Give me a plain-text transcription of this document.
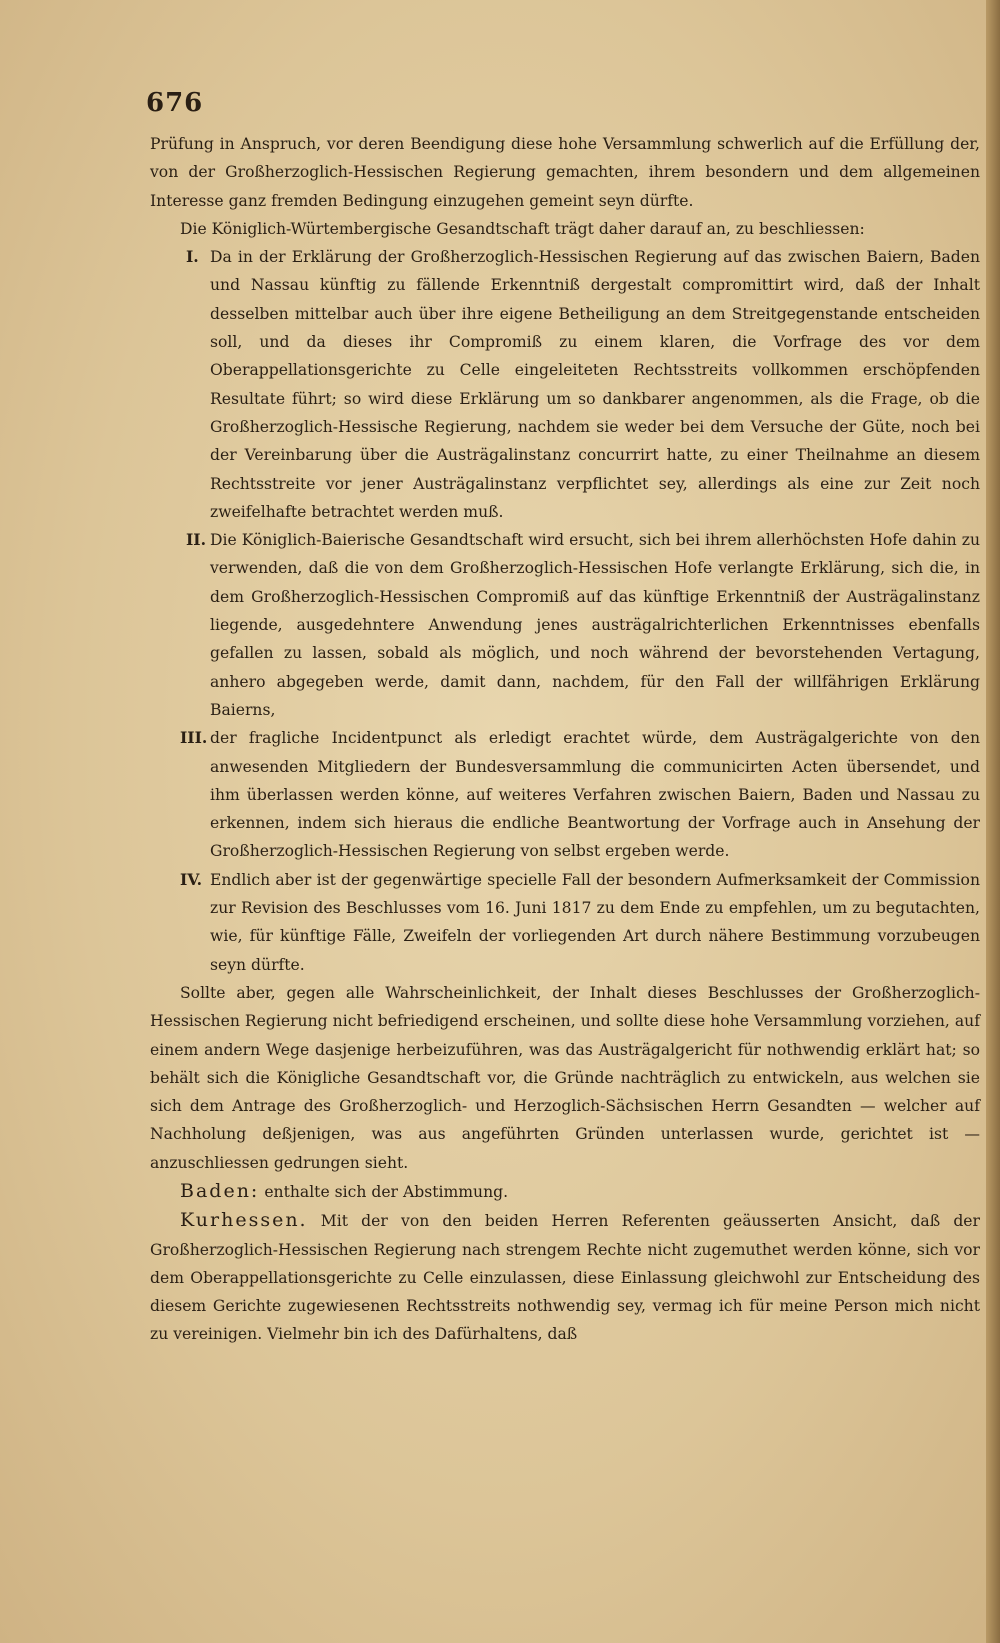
676

Prüfung in Anspruch, vor deren Beendigung diese hohe Versammlung schwerlich auf die Erfüllung der, von der Großherzoglich-Hessischen Regierung gemachten, ihrem besondern und dem allgemeinen Interesse ganz fremden Bedingung einzugehen gemeint seyn dürfte.

Die Königlich-Würtembergische Gesandtschaft trägt daher darauf an, zu beschliessen:

I. Da in der Erklärung der Großherzoglich-Hessischen Regierung auf das zwischen Baiern, Baden und Nassau künftig zu fällende Erkenntniß dergestalt compromittirt wird, daß der Inhalt desselben mittelbar auch über ihre eigene Betheiligung an dem Streitgegenstande entscheiden soll, und da dieses ihr Compromiß zu einem klaren, die Vorfrage des vor dem Oberappellationsgerichte zu Celle eingeleiteten Rechtsstreits vollkommen erschöpfenden Resultate führt; so wird diese Erklärung um so dankbarer angenommen, als die Frage, ob die Großherzoglich-Hessische Regierung, nachdem sie weder bei dem Versuche der Güte, noch bei der Vereinbarung über die Austrägalinstanz concurrirt hatte, zu einer Theilnahme an diesem Rechtsstreite vor jener Austrägalinstanz verpflichtet sey, allerdings als eine zur Zeit noch zweifelhafte betrachtet werden muß.
II. Die Königlich-Baierische Gesandtschaft wird ersucht, sich bei ihrem allerhöchsten Hofe dahin zu verwenden, daß die von dem Großherzoglich-Hessischen Hofe verlangte Erklärung, sich die, in dem Großherzoglich-Hessischen Compromiß auf das künftige Erkenntniß der Austrägalinstanz liegende, ausgedehntere Anwendung jenes austrägalrichterlichen Erkenntnisses ebenfalls gefallen zu lassen, sobald als möglich, und noch während der bevorstehenden Vertagung, anhero abgegeben werde, damit dann, nachdem, für den Fall der willfährigen Erklärung Baierns,
III. der fragliche Incidentpunct als erledigt erachtet würde, dem Austrägalgerichte von den anwesenden Mitgliedern der Bundesversammlung die communicirten Acten übersendet, und ihm überlassen werden könne, auf weiteres Verfahren zwischen Baiern, Baden und Nassau zu erkennen, indem sich hieraus die endliche Beantwortung der Vorfrage auch in Ansehung der Großherzoglich-Hessischen Regierung von selbst ergeben werde.
IV. Endlich aber ist der gegenwärtige specielle Fall der besondern Aufmerksamkeit der Commission zur Revision des Beschlusses vom 16. Juni 1817 zu dem Ende zu empfehlen, um zu begutachten, wie, für künftige Fälle, Zweifeln der vorliegenden Art durch nähere Bestimmung vorzubeugen seyn dürfte.

Sollte aber, gegen alle Wahrscheinlichkeit, der Inhalt dieses Beschlusses der Großherzoglich-Hessischen Regierung nicht befriedigend erscheinen, und sollte diese hohe Versammlung vorziehen, auf einem andern Wege dasjenige herbeizuführen, was das Austrägalgericht für nothwendig erklärt hat; so behält sich die Königliche Gesandtschaft vor, die Gründe nachträglich zu entwickeln, aus welchen sie sich dem Antrage des Großherzoglich- und Herzoglich-Sächsischen Herrn Gesandten — welcher auf Nachholung deßjenigen, was aus angeführten Gründen unterlassen wurde, gerichtet ist — anzuschliessen gedrungen sieht.

Baden: enthalte sich der Abstimmung.

Kurhessen. Mit der von den beiden Herren Referenten geäusserten Ansicht, daß der Großherzoglich-Hessischen Regierung nach strengem Rechte nicht zugemuthet werden könne, sich vor dem Oberappellationsgerichte zu Celle einzulassen, diese Einlassung gleichwohl zur Entscheidung des diesem Gerichte zugewiesenen Rechtsstreits nothwendig sey, vermag ich für meine Person mich nicht zu vereinigen. Vielmehr bin ich des Dafürhaltens, daß
